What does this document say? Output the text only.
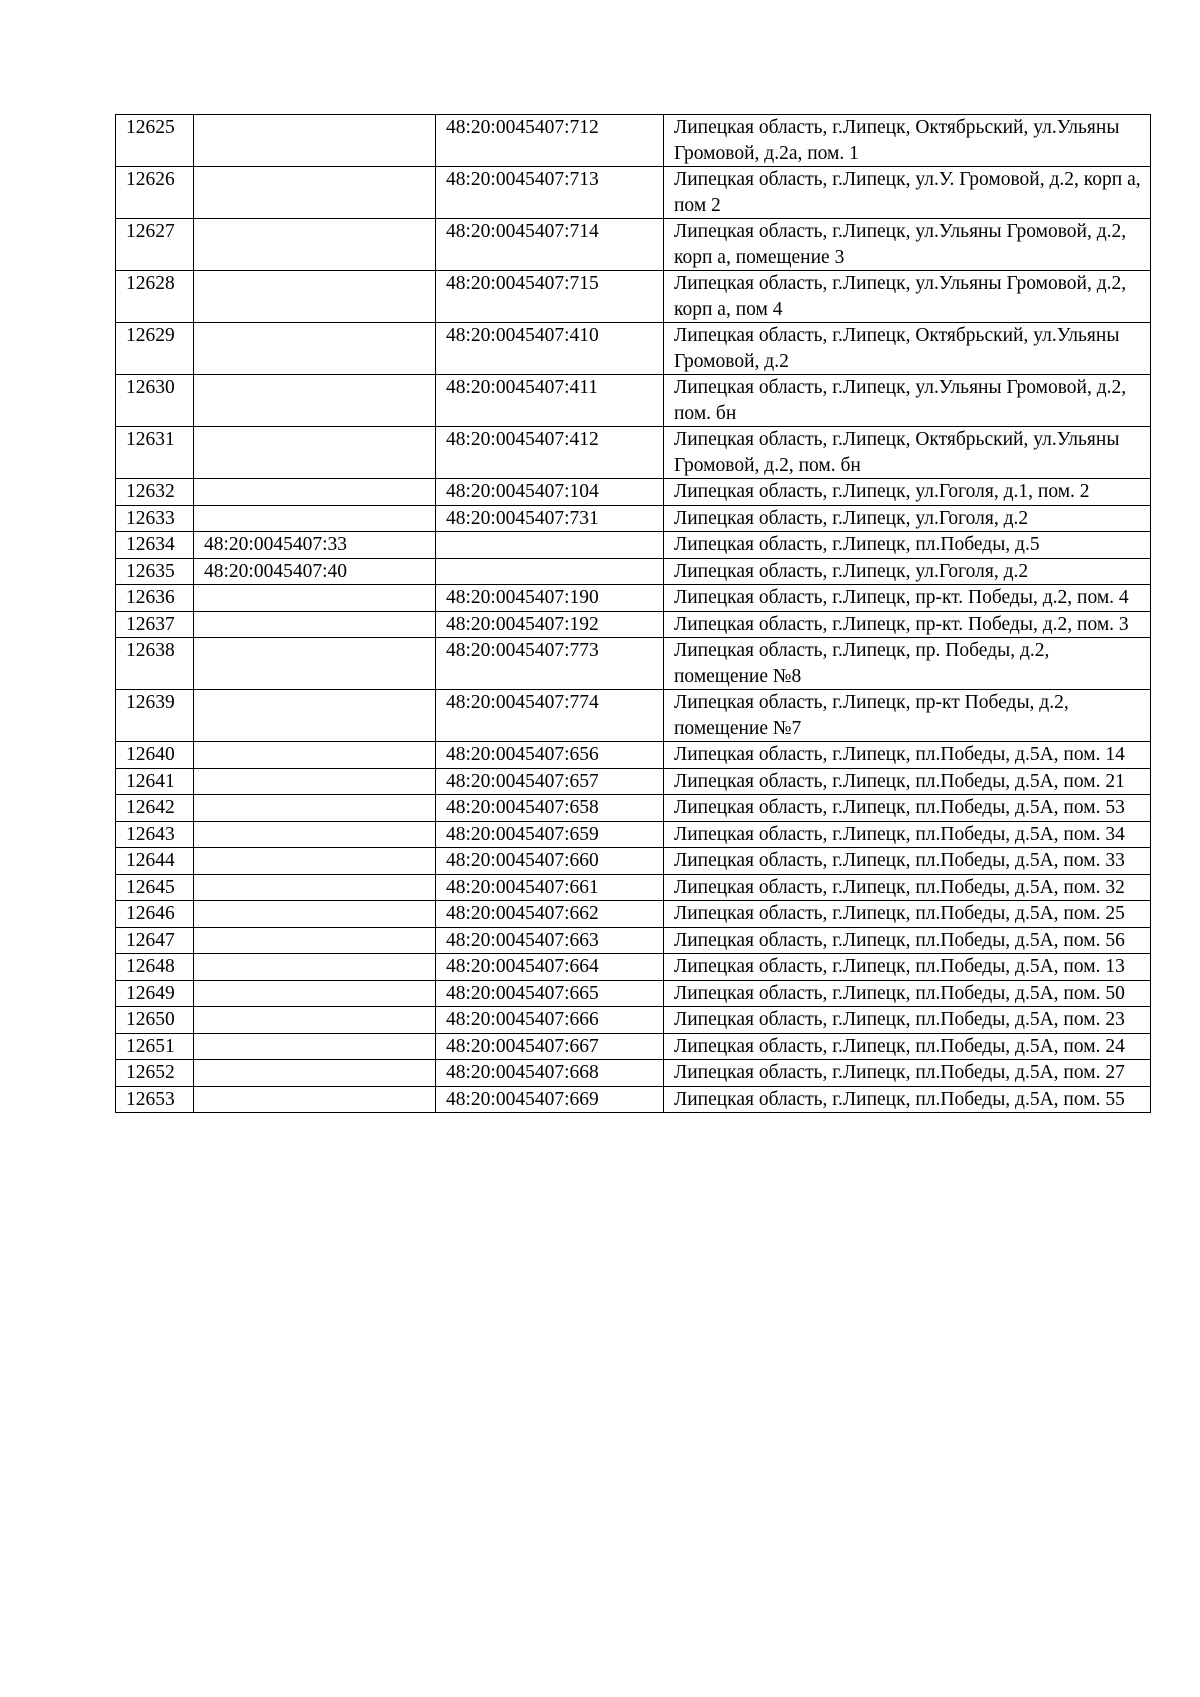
12625		48:20:0045407:712	Липецкая область, г.Липецк, Октябрьский, ул.Ульяны Громовой, д.2а, пом. 1
12626		48:20:0045407:713	Липецкая область, г.Липецк, ул.У. Громовой, д.2, корп а, пом 2
12627		48:20:0045407:714	Липецкая область, г.Липецк, ул.Ульяны Громовой, д.2, корп а, помещение 3
12628		48:20:0045407:715	Липецкая область, г.Липецк, ул.Ульяны Громовой, д.2, корп а, пом 4
12629		48:20:0045407:410	Липецкая область, г.Липецк, Октябрьский, ул.Ульяны Громовой, д.2
12630		48:20:0045407:411	Липецкая область, г.Липецк, ул.Ульяны Громовой, д.2, пом. бн
12631		48:20:0045407:412	Липецкая область, г.Липецк, Октябрьский, ул.Ульяны Громовой, д.2, пом. бн
12632		48:20:0045407:104	Липецкая область, г.Липецк, ул.Гоголя, д.1, пом. 2
12633		48:20:0045407:731	Липецкая область, г.Липецк, ул.Гоголя, д.2
12634	48:20:0045407:33		Липецкая область, г.Липецк, пл.Победы, д.5
12635	48:20:0045407:40		Липецкая область, г.Липецк, ул.Гоголя, д.2
12636		48:20:0045407:190	Липецкая область, г.Липецк, пр-кт. Победы, д.2, пом. 4
12637		48:20:0045407:192	Липецкая область, г.Липецк, пр-кт. Победы, д.2, пом. 3
12638		48:20:0045407:773	Липецкая область, г.Липецк, пр. Победы, д.2, помещение №8
12639		48:20:0045407:774	Липецкая область, г.Липецк, пр-кт Победы, д.2, помещение №7
12640		48:20:0045407:656	Липецкая область, г.Липецк, пл.Победы, д.5А, пом. 14
12641		48:20:0045407:657	Липецкая область, г.Липецк, пл.Победы, д.5А, пом. 21
12642		48:20:0045407:658	Липецкая область, г.Липецк, пл.Победы, д.5А, пом. 53
12643		48:20:0045407:659	Липецкая область, г.Липецк, пл.Победы, д.5А, пом. 34
12644		48:20:0045407:660	Липецкая область, г.Липецк, пл.Победы, д.5А, пом. 33
12645		48:20:0045407:661	Липецкая область, г.Липецк, пл.Победы, д.5А, пом. 32
12646		48:20:0045407:662	Липецкая область, г.Липецк, пл.Победы, д.5А, пом. 25
12647		48:20:0045407:663	Липецкая область, г.Липецк, пл.Победы, д.5А, пом. 56
12648		48:20:0045407:664	Липецкая область, г.Липецк, пл.Победы, д.5А, пом. 13
12649		48:20:0045407:665	Липецкая область, г.Липецк, пл.Победы, д.5А, пом. 50
12650		48:20:0045407:666	Липецкая область, г.Липецк, пл.Победы, д.5А, пом. 23
12651		48:20:0045407:667	Липецкая область, г.Липецк, пл.Победы, д.5А, пом. 24
12652		48:20:0045407:668	Липецкая область, г.Липецк, пл.Победы, д.5А, пом. 27
12653		48:20:0045407:669	Липецкая область, г.Липецк, пл.Победы, д.5А, пом. 55
